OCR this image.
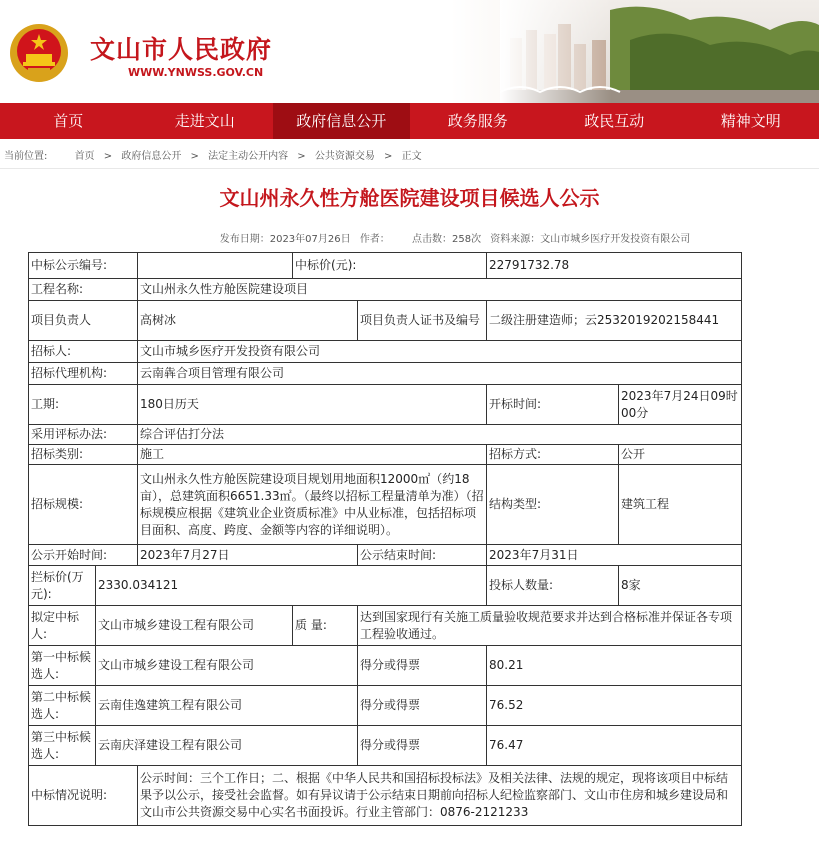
文山市人民政府
WWW.YNWSS.GOV.CN
首页	走进文山	政府信息公开	政务服务	政民互动	精神文明
当前位置:	首页 > 政府信息公开 > 法定主动公开内容 > 公共资源交易 > 正文
文山州永久性方舱医院建设项目候选人公示
发布日期：2023年07月26日 作者： 点击数：258次 资料来源：文山市城乡医疗开发投资有限公司
中标公示编号:			中标价(元):		22791732.78	
工程名称:		文山州永久性方舱医院建设项目				
项目负责人		高树冰		项目负责人证书及编号	二级注册建造师；云2532019202158441	
招标人:		文山市城乡医疗开发投资有限公司				
招标代理机构:		云南犇合项目管理有限公司				
工期:		180日历天			开标时间:	2023年7月24日09时00分
采用评标办法:		综合评估打分法				
招标类别:		施工			招标方式:	公开
招标规模:		文山州永久性方舱医院建设项目规划用地面积12000㎡（约18亩），总建筑面积6651.33㎡。（最终以招标工程量清单为准）（招标规模应根据《建筑业企业资质标准》中从业标准，包括招标项目面积、高度、跨度、金额等内容的详细说明）。			结构类型:	建筑工程
公示开始时间:		2023年7月27日		公示结束时间:	2023年7月31日	
拦标价(万元):	2330.034121				投标人数量:	8家
拟定中标人:	文山市城乡建设工程有限公司		质 量:	达到国家现行有关施工质量验收规范要求并达到合格标准并保证各专项工程验收通过。		
第一中标候选人:	文山市城乡建设工程有限公司			得分或得票	80.21	
第二中标候选人:	云南佳逸建筑工程有限公司			得分或得票	76.52	
第三中标候选人:	云南庆泽建设工程有限公司			得分或得票	76.47	
中标情况说明:		公示时间：三个工作日；二、根据《中华人民共和国招标投标法》及相关法律、法规的规定，现将该项目中标结果予以公示，接受社会监督。如有异议请于公示结束日期前向招标人纪检监察部门、文山市住房和城乡建设局和文山市公共资源交易中心实名书面投诉。行业主管部门：0876-2121233				
